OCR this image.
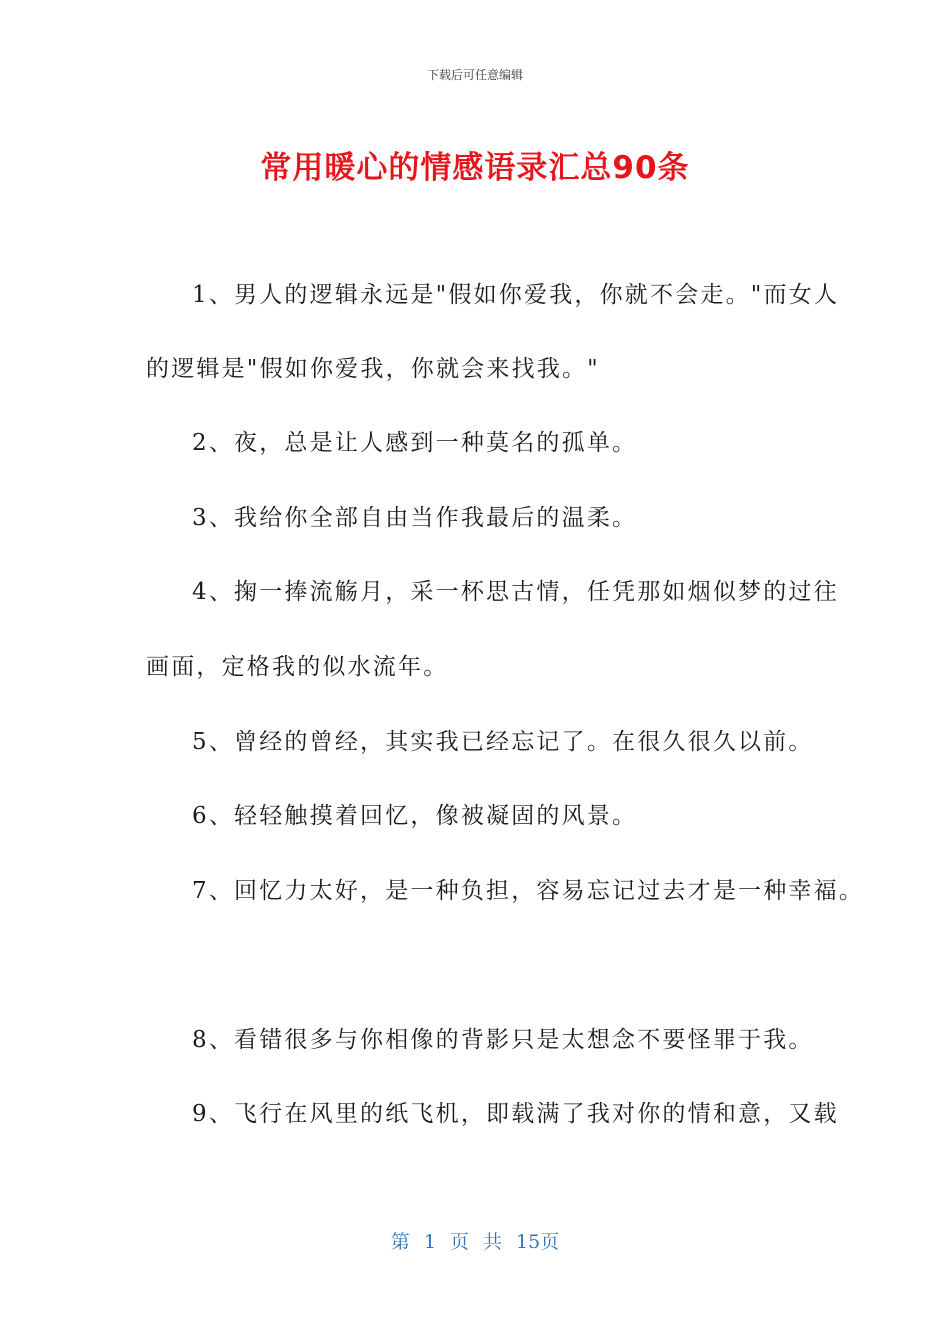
下载后可任意编辑
常用暖心的情感语录汇总90条
1、男人的逻辑永远是"假如你爱我，你就不会走。"而女人
的逻辑是"假如你爱我，你就会来找我。"
2、夜，总是让人感到一种莫名的孤单。
3、我给你全部自由当作我最后的温柔。
4、掬一捧流觞月，采一杯思古情，任凭那如烟似梦的过往
画面，定格我的似水流年。
5、曾经的曾经，其实我已经忘记了。在很久很久以前。
6、轻轻触摸着回忆，像被凝固的风景。
7、回忆力太好，是一种负担，容易忘记过去才是一种幸福。
8、看错很多与你相像的背影只是太想念不要怪罪于我。
9、飞行在风里的纸飞机，即载满了我对你的情和意，又载
第 1 页 共 15页
